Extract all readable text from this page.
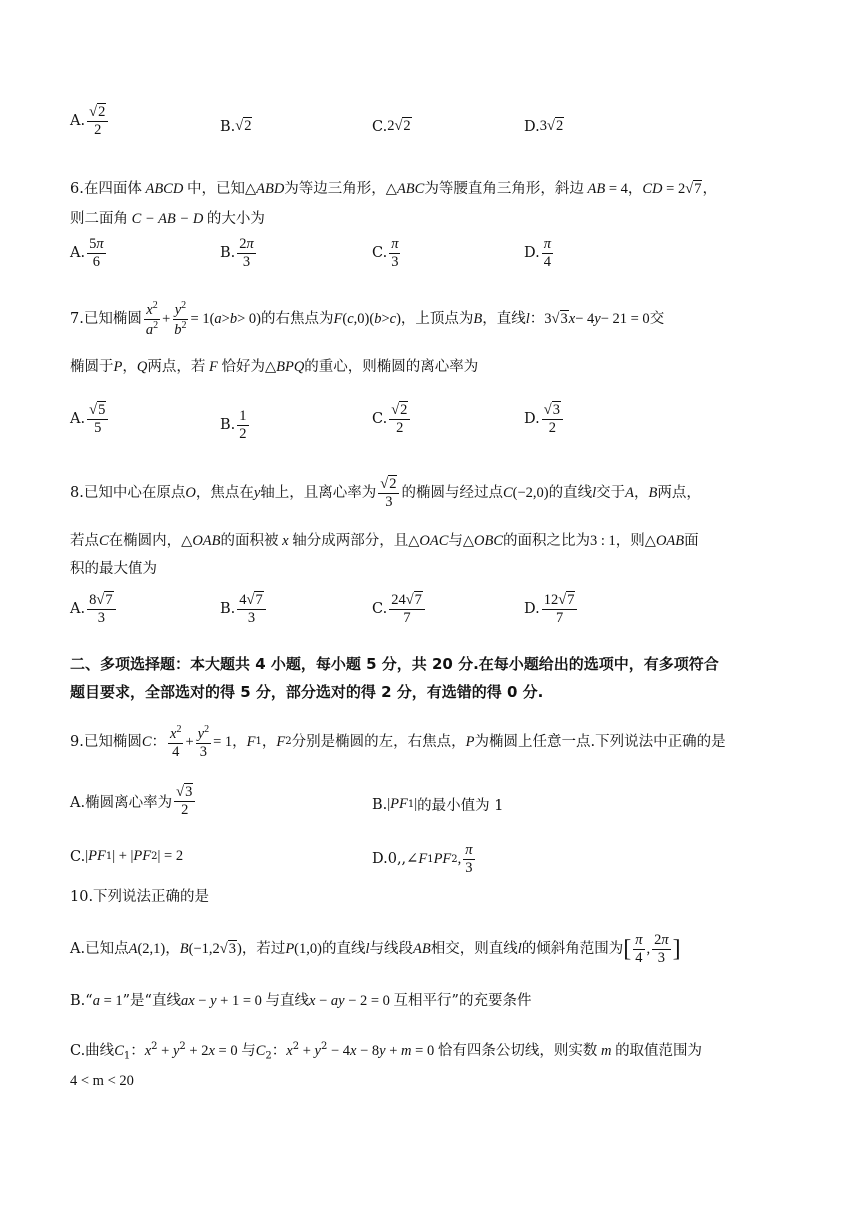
A. $\frac{√2}{2}$	B. √2	C. 2 √2	D. 3 √2
6.在四面体 ABCD 中，已知△ABD为等边三角形，△ABC为等腰直角三角形，斜边 AB = 4，CD = 2√7，
则二面角 C − AB − D 的大小为
A. $\frac{5\pi}{6}$	B. $\frac{2\pi}{3}$	C. $\frac{\pi}{3}$	D. $\frac{\pi}{4}$
7.已知椭圆 $\frac{x^2}{a^2} + \frac{y^2}{b^2} = 1$( a > b > 0) 的右焦点为 F ( c ,0)( b > c ) ，上顶点为 B ，直线 l ：3 √3 x − 4 y − 21 = 0 交
椭圆于P，Q两点，若 F 恰好为△BPQ的重心，则椭圆的离心率为
A. $\frac{√5}{5}$	B. $\frac{1}{2}$	C. $\frac{√2}{2}$	D. $\frac{√3}{2}$
8.已知中心在原点 O ，焦点在 y 轴上，且离心率为 $\frac{√2}{3}$ 的椭圆与经过点 C (−2,0) 的直线 l 交于 A ， B 两点，
若点C在椭圆内，△OAB的面积被 x 轴分成两部分，且△OAC与△OBC的面积之比为3 : 1，则△OAB面
积的最大值为
A. $\frac{8√7}{3}$	B. $\frac{4√7}{3}$	C. $\frac{24√7}{7}$	D. $\frac{12√7}{7}$
二、多项选择题：本大题共 4 小题，每小题 5 分，共 20 分.在每小题给出的选项中，有多项符合
题目要求，全部选对的得 5 分，部分选对的得 2 分，有选错的得 0 分.
9.已知椭圆 C ： $\frac{x^2}{4} + \frac{y^2}{3} = 1$ ， F 1 ， F 2 分别是椭圆的左，右焦点， P 为椭圆上任意一点.下列说法中正确的是
A.椭圆离心率为 $\frac{√3}{2}$	B. | PF 1 | 的最小值为 1
C. | PF 1 | + | PF 2 | = 2	D.0,, ∠ F 1 PF 2 , $\frac{\pi}{3}$
10.下列说法正确的是
A.已知点 A (2,1) ， B (−1,2 √3 ) ，若过 P (1,0) 的直线 l 与线段 AB 相交，则直线 l 的倾斜角范围为 [ $\frac{\pi}{4}$ , $\frac{2\pi}{3}$ ]
B.“a = 1”是“直线ax − y + 1 = 0 与直线x − ay − 2 = 0 互相平行”的充要条件
C.曲线$C_1$：$x^2 + y^2 + 2x = 0$ 与$C_2$：$x^2 + y^2 - 4x - 8y + m = 0$ 恰有四条公切线，则实数 m 的取值范围为
4 < m < 20
